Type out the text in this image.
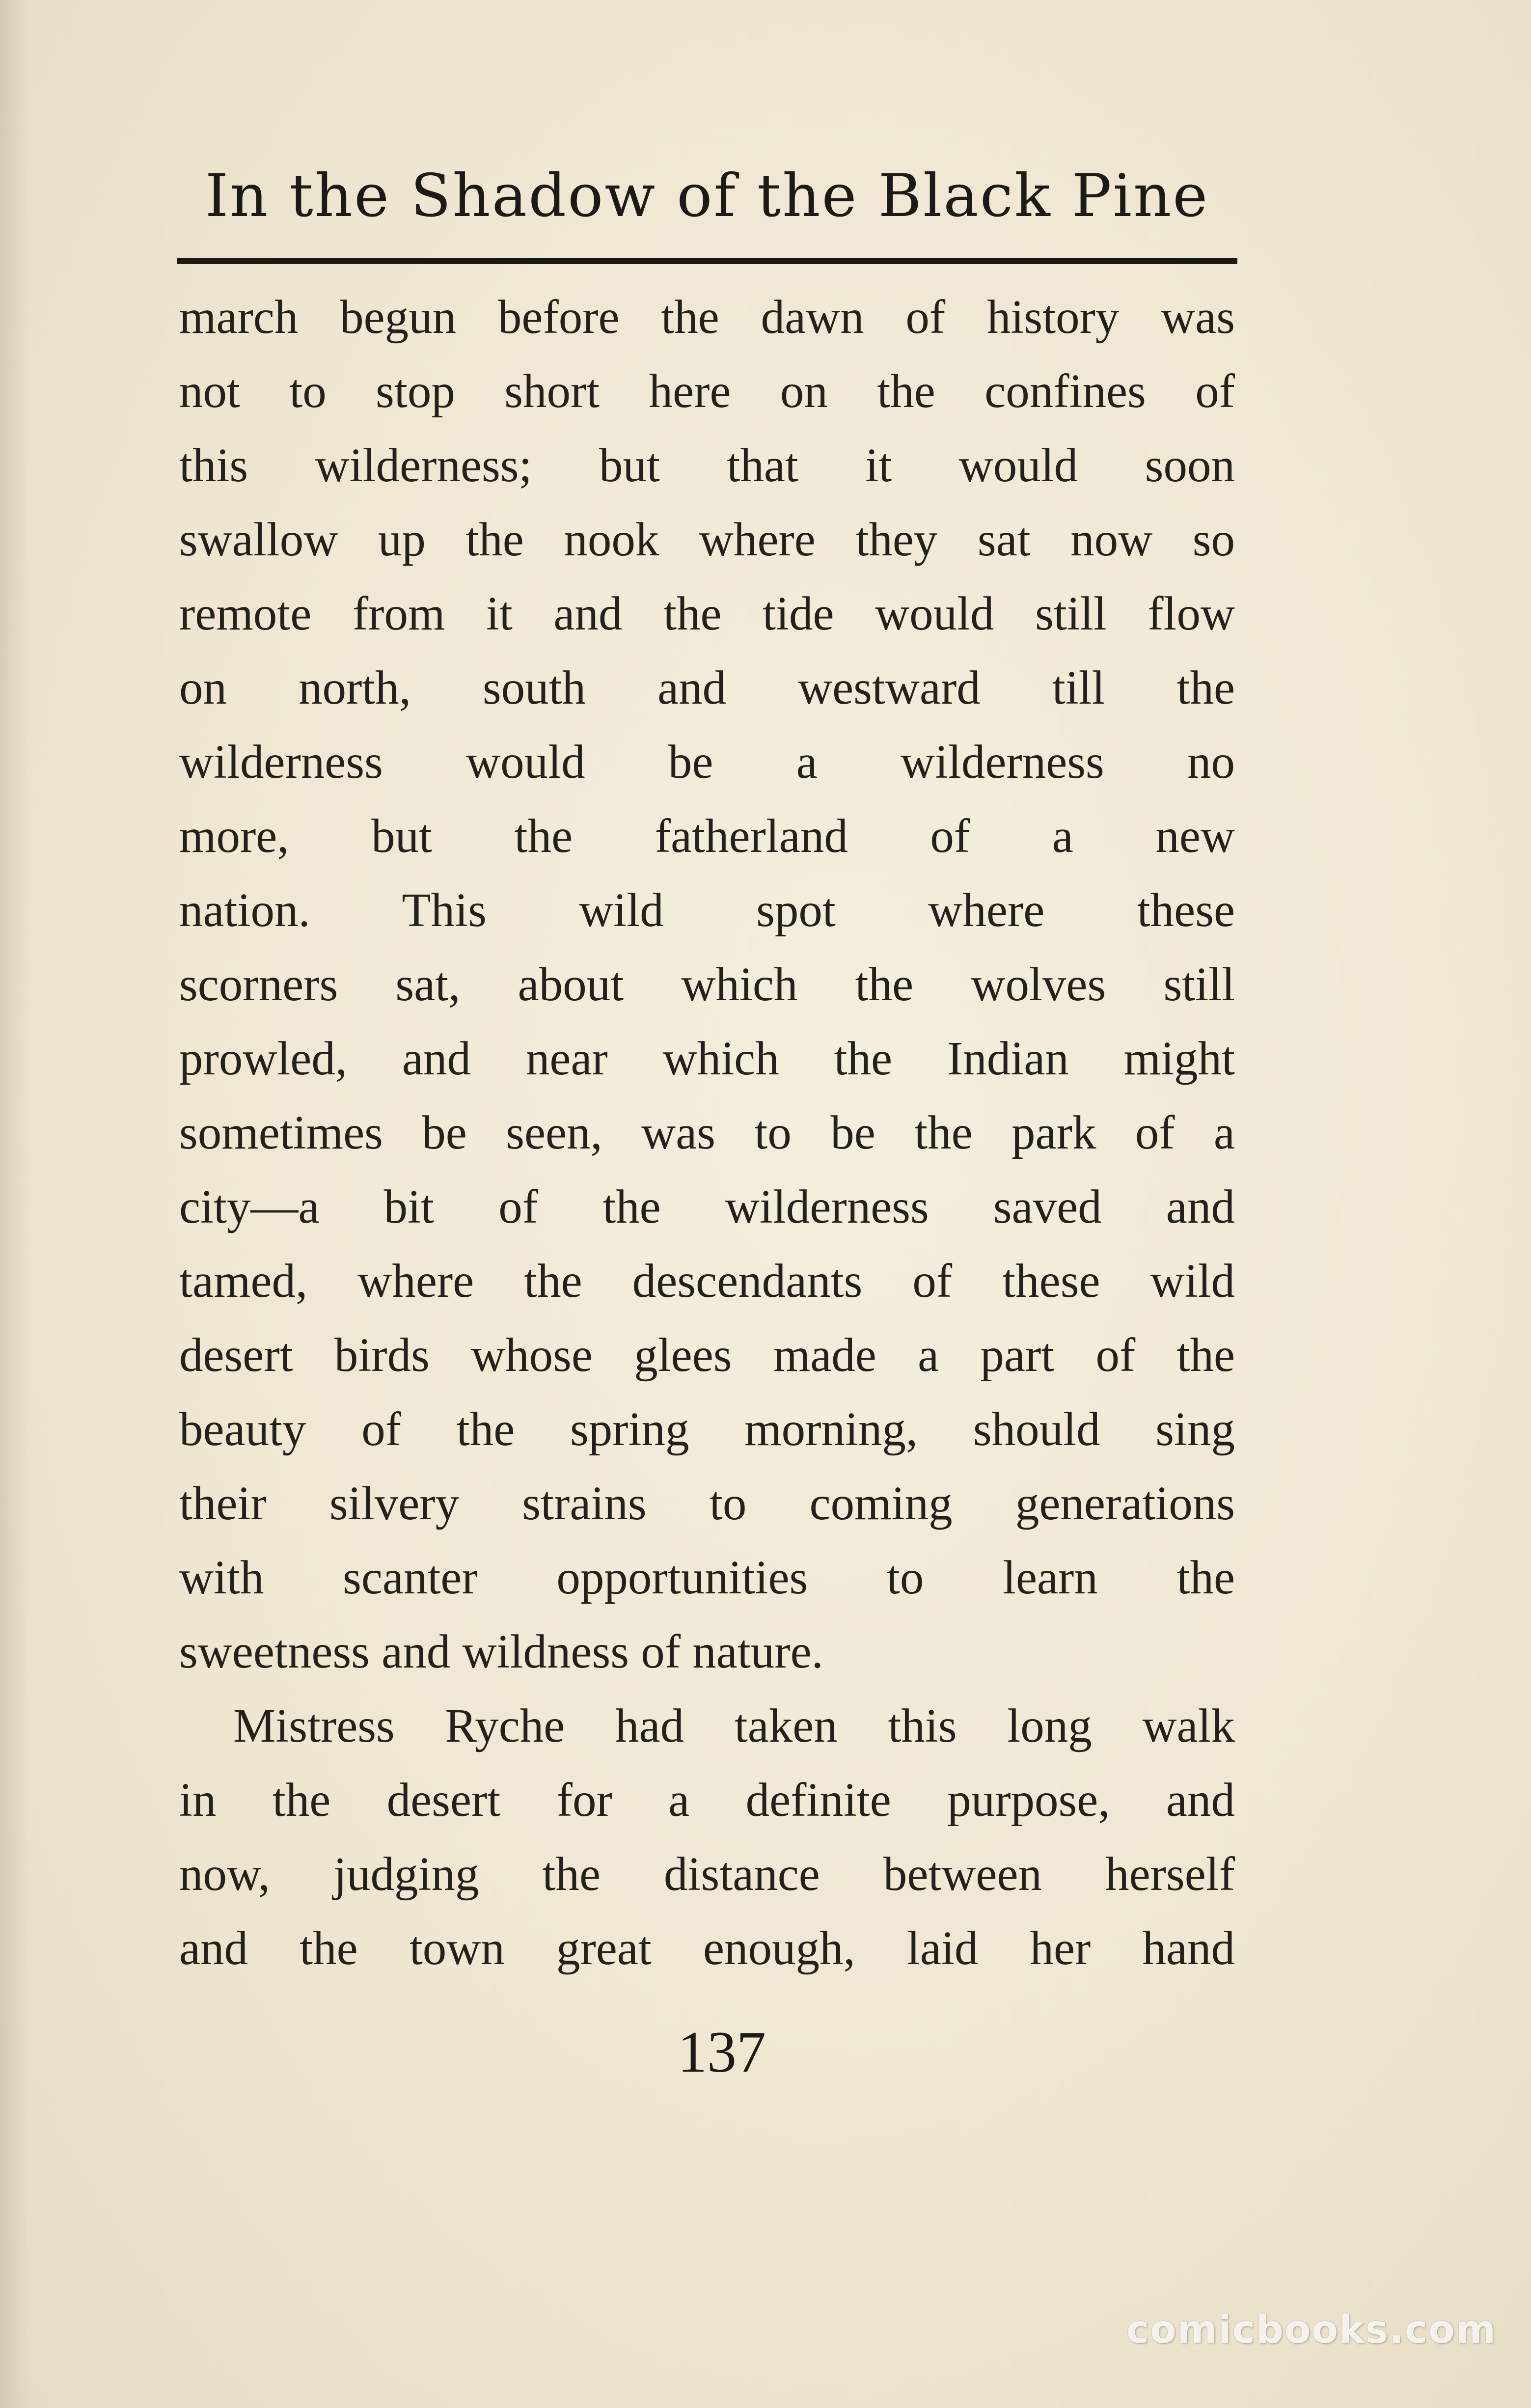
In the Shadow of the Black Pine
march begun before the dawn of history was
not to stop short here on the confines of
this wilderness; but that it would soon
swallow up the nook where they sat now so
remote from it and the tide would still flow
on north, south and westward till the
wilderness would be a wilderness no
more, but the fatherland of a new
nation. This wild spot where these
scorners sat, about which the wolves still
prowled, and near which the Indian might
sometimes be seen, was to be the park of a
city—a bit of the wilderness saved and
tamed, where the descendants of these wild
desert birds whose glees made a part of the
beauty of the spring morning, should sing
their silvery strains to coming generations
with scanter opportunities to learn the
sweetness and wildness of nature.
Mistress Ryche had taken this long walk
in the desert for a definite purpose, and
now, judging the distance between herself
and the town great enough, laid her hand
137
comicbooks.com
